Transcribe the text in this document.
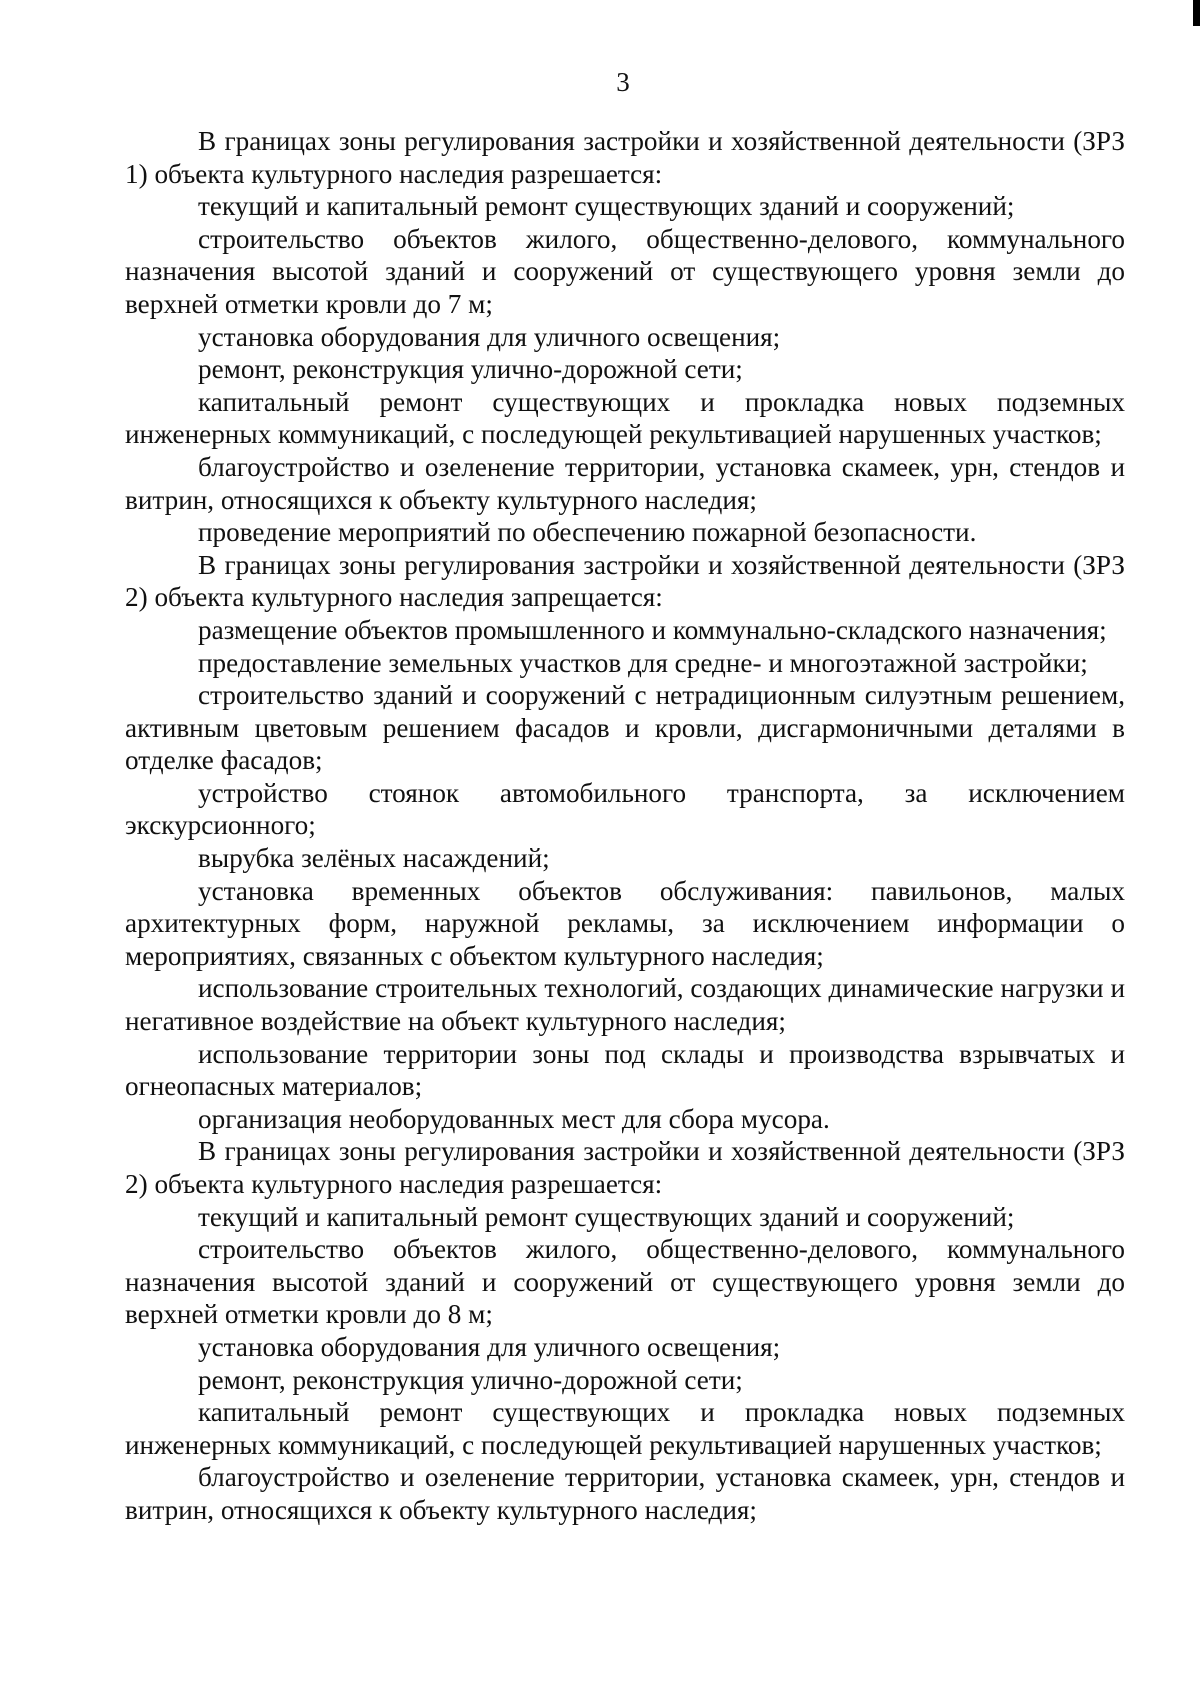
3

В границах зоны регулирования застройки и хозяйственной деятельности (ЗРЗ 1) объекта культурного наследия разрешается:

текущий и капитальный ремонт существующих зданий и сооружений;

строительство объектов жилого, общественно-делового, коммунального назначения высотой зданий и сооружений от существующего уровня земли до верхней отметки кровли до 7 м;

установка оборудования для уличного освещения;

ремонт, реконструкция улично-дорожной сети;

капитальный ремонт существующих и прокладка новых подземных инженерных коммуникаций, с последующей рекультивацией нарушенных участков;

благоустройство и озеленение территории, установка скамеек, урн, стендов и витрин, относящихся к объекту культурного наследия;

проведение мероприятий по обеспечению пожарной безопасности.

В границах зоны регулирования застройки и хозяйственной деятельности (ЗРЗ 2) объекта культурного наследия запрещается:

размещение объектов промышленного и коммунально-складского назначения;

предоставление земельных участков для средне- и многоэтажной застройки;

строительство зданий и сооружений с нетрадиционным силуэтным решением, активным цветовым решением фасадов и кровли, дисгармоничными деталями в отделке фасадов;

устройство стоянок автомобильного транспорта, за исключением экскурсионного;

вырубка зелёных насаждений;

установка временных объектов обслуживания: павильонов, малых архитектурных форм, наружной рекламы, за исключением информации о мероприятиях, связанных с объектом культурного наследия;

использование строительных технологий, создающих динамические нагрузки и негативное воздействие на объект культурного наследия;

использование территории зоны под склады и производства взрывчатых и огнеопасных материалов;

организация необорудованных мест для сбора мусора.

В границах зоны регулирования застройки и хозяйственной деятельности (ЗРЗ 2) объекта культурного наследия разрешается:

текущий и капитальный ремонт существующих зданий и сооружений;

строительство объектов жилого, общественно-делового, коммунального назначения высотой зданий и сооружений от существующего уровня земли до верхней отметки кровли до 8 м;

установка оборудования для уличного освещения;

ремонт, реконструкция улично-дорожной сети;

капитальный ремонт существующих и прокладка новых подземных инженерных коммуникаций, с последующей рекультивацией нарушенных участков;

благоустройство и озеленение территории, установка скамеек, урн, стендов и витрин, относящихся к объекту культурного наследия;
